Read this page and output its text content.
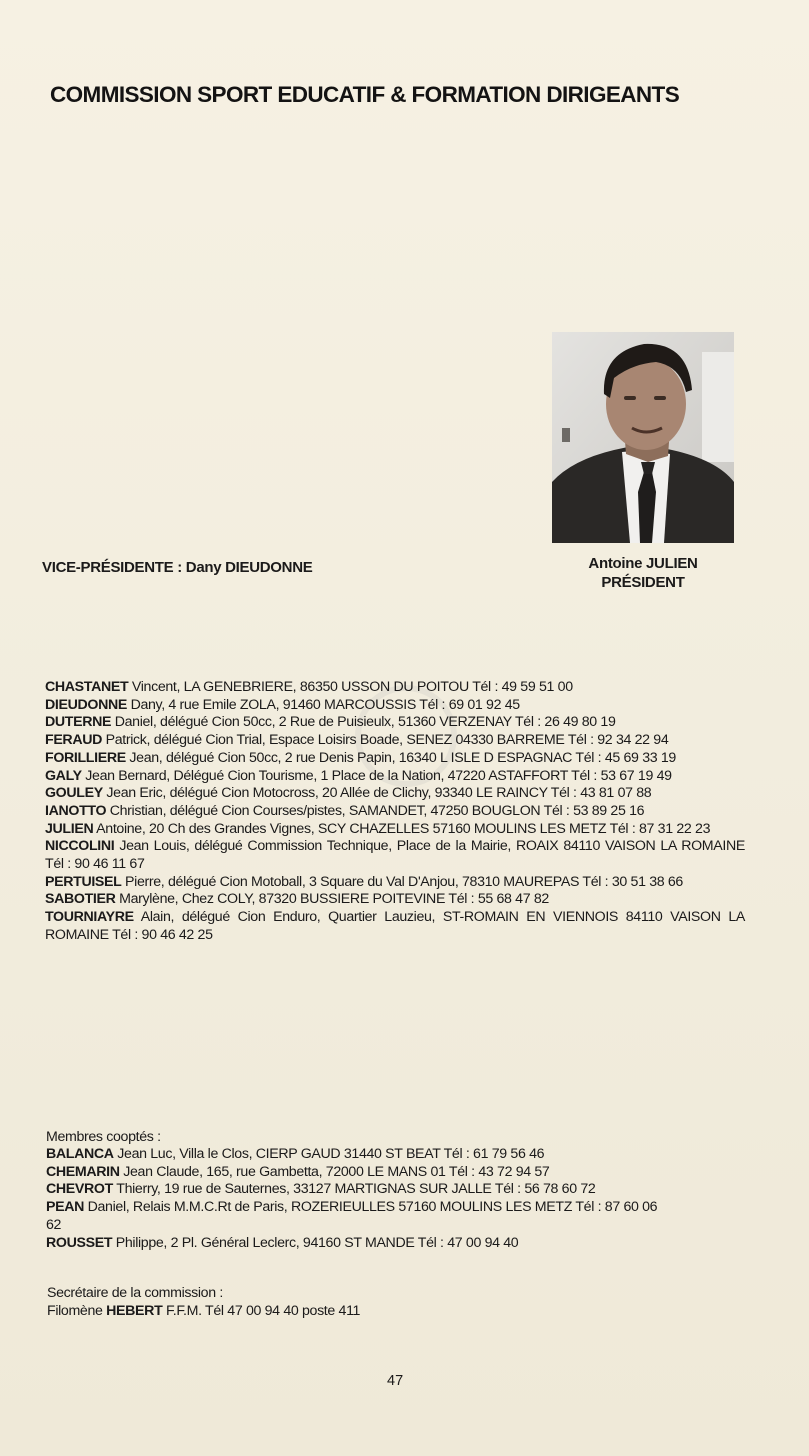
COMMISSION SPORT EDUCATIF & FORMATION DIRIGEANTS
VICE-PRÉSIDENTE : Dany DIEUDONNE	Antoine JULIEN
PRÉSIDENT

CHASTANET Vincent, LA GENEBRIERE, 86350 USSON DU POITOU Tél : 49 59 51 00

DIEUDONNE Dany, 4 rue Emile ZOLA, 91460 MARCOUSSIS Tél : 69 01 92 45

DUTERNE Daniel, délégué Cion 50cc, 2 Rue de Puisieulx, 51360 VERZENAY Tél : 26 49 80 19

FERAUD Patrick, délégué Cion Trial, Espace Loisirs Boade, SENEZ 04330 BARREME Tél : 92 34 22 94

FORILLIERE Jean, délégué Cion 50cc, 2 rue Denis Papin, 16340 L ISLE D ESPAGNAC Tél : 45 69 33 19

GALY Jean Bernard, Délégué Cion Tourisme, 1 Place de la Nation, 47220 ASTAFFORT Tél : 53 67 19 49

GOULEY Jean Eric, délégué Cion Motocross, 20 Allée de Clichy, 93340 LE RAINCY Tél : 43 81 07 88

IANOTTO Christian, délégué Cion Courses/pistes, SAMANDET, 47250 BOUGLON Tél : 53 89 25 16

JULIEN Antoine, 20 Ch des Grandes Vignes, SCY CHAZELLES 57160 MOULINS LES METZ Tél : 87 31 22 23

NICCOLINI Jean Louis, délégué Commission Technique, Place de la Mairie, ROAIX 84110 VAISON LA ROMAINE Tél : 90 46 11 67

PERTUISEL Pierre, délégué Cion Motoball, 3 Square du Val D'Anjou, 78310 MAUREPAS Tél : 30 51 38 66

SABOTIER Marylène, Chez COLY, 87320 BUSSIERE POITEVINE Tél : 55 68 47 82

TOURNIAYRE Alain, délégué Cion Enduro, Quartier Lauzieu, ST-ROMAIN EN VIENNOIS 84110 VAISON LA ROMAINE Tél : 90 46 42 25

Membres cooptés :

BALANCA Jean Luc, Villa le Clos, CIERP GAUD 31440 ST BEAT Tél : 61 79 56 46

CHEMARIN Jean Claude, 165, rue Gambetta, 72000 LE MANS 01 Tél : 43 72 94 57

CHEVROT Thierry, 19 rue de Sauternes, 33127 MARTIGNAS SUR JALLE Tél : 56 78 60 72

PEAN Daniel, Relais M.M.C.Rt de Paris, ROZERIEULLES 57160 MOULINS LES METZ Tél : 87 60 06 62

ROUSSET Philippe, 2 Pl. Général Leclerc, 94160 ST MANDE Tél : 47 00 94 40

Secrétaire de la commission :
Filomène HEBERT F.F.M. Tél 47 00 94 40 poste 411
47
